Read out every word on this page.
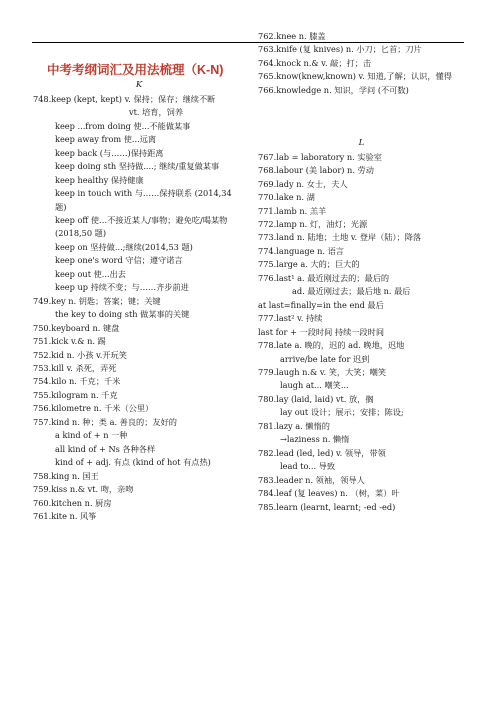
中考考纲词汇及用法梳理（K-N)
K
748.keep (kept, kept) v. 保持；保存；继续不断
vt. 培育，饲养
keep ...from doing 使...不能做某事
keep away from 使...远离
keep back (与……)保持距离
keep doing sth 坚持做....; 继续/重复做某事
keep healthy 保持健康
keep in touch with 与……保持联系 (2014,34 题)
keep off 使…不接近某人/事物；避免吃/喝某物(2018,50 题)
keep on 坚持做...;继续(2014,53 题)
keep one's word 守信；遵守诺言
keep out 使...出去
keep up 持续不变；与……齐步前进
749.key n. 钥匙；答案；键；关键
the key to doing sth 做某事的关键
750.keyboard n. 键盘
751.kick v.& n. 踢
752.kid n. 小孩 v.开玩笑
753.kill v. 杀死，弄死
754.kilo n. 千克；千米
755.kilogram n. 千克
756.kilometre n. 千米（公里）
757.kind n. 种；类 a. 善良的；友好的
a kind of + n 一种
all kind of + Ns 各种各样
kind of + adj. 有点 (kind of hot 有点热)
758.king n. 国王
759.kiss n.& vt. 吻，亲吻
760.kitchen n. 厨房
761.kite n. 风筝
762.knee n. 膝盖
763.knife (复 knives) n. 小刀；匕首；刀片
764.knock n.& v. 敲；打；击
765.know(knew,known) v. 知道,了解；认识，懂得
766.knowledge n. 知识，学问 (不可数)
L
767.lab = laboratory n. 实验室
768.labour (美 labor) n. 劳动
769.lady n. 女士，夫人
770.lake n. 湖
771.lamb n. 羔羊
772.lamp n. 灯，油灯；光源
773.land n. 陆地；土地 v. 登岸（陆）；降落
774.language n. 语言
775.large a. 大的；巨大的
776.last¹ a. 最近刚过去的；最后的
ad. 最近刚过去；最后地 n. 最后
at last=finally=in the end 最后
777.last² v. 持续
last for + 一段时间 持续一段时间
778.late a. 晚的，迟的 ad. 晚地，迟地
arrive/be late for 迟到
779.laugh n.& v. 笑，大笑；嘲笑
laugh at... 嘲笑...
780.lay (laid, laid) vt. 放，搁
lay out 设计；展示；安排；陈设;
781.lazy a. 懒惰的
→laziness n. 懒惰
782.lead (led, led) v. 领导，带领
lead to... 导致
783.leader n. 领袖，领导人
784.leaf (复 leaves) n. （树，菜）叶
785.learn (learnt, learnt; -ed -ed)
